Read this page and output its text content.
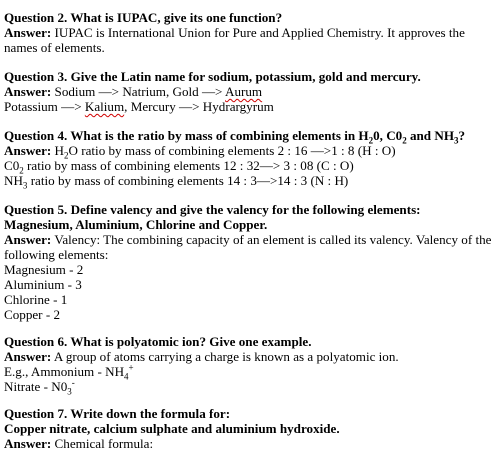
Question 2. What is IUPAC, give its one function?
Answer: IUPAC is International Union for Pure and Applied Chemistry. It approves the
names of elements.
Question 3. Give the Latin name for sodium, potassium, gold and mercury.
Answer: Sodium —> Natrium, Gold —> Aurum
Potassium —> Kalium, Mercury —> Hydrargyrum
Question 4. What is the ratio by mass of combining elements in $H_20$, $C0_2$ and $NH_3$?
Answer: $H_2O$ ratio by mass of combining elements 2 : 16 —>1 : 8 (H : O)
$C0_2$ ratio by mass of combining elements 12 : 32—> 3 : 08 (C : O)
$NH_3$ ratio by mass of combining elements 14 : 3—>14 : 3 (N : H)
Question 5. Define valency and give the valency for the following elements:
Magnesium, Aluminium, Chlorine and Copper.
Answer: Valency: The combining capacity of an element is called its valency. Valency of the
following elements:
Magnesium - 2
Aluminium - 3
Chlorine - 1
Copper - 2
Question 6. What is polyatomic ion? Give one example.
Answer: A group of atoms carrying a charge is known as a polyatomic ion.
E.g., Ammonium - $NH_4^+$
Nitrate - $N0_3^-$
Question 7. Write down the formula for:
Copper nitrate, calcium sulphate and aluminium hydroxide.
Answer: Chemical formula:
